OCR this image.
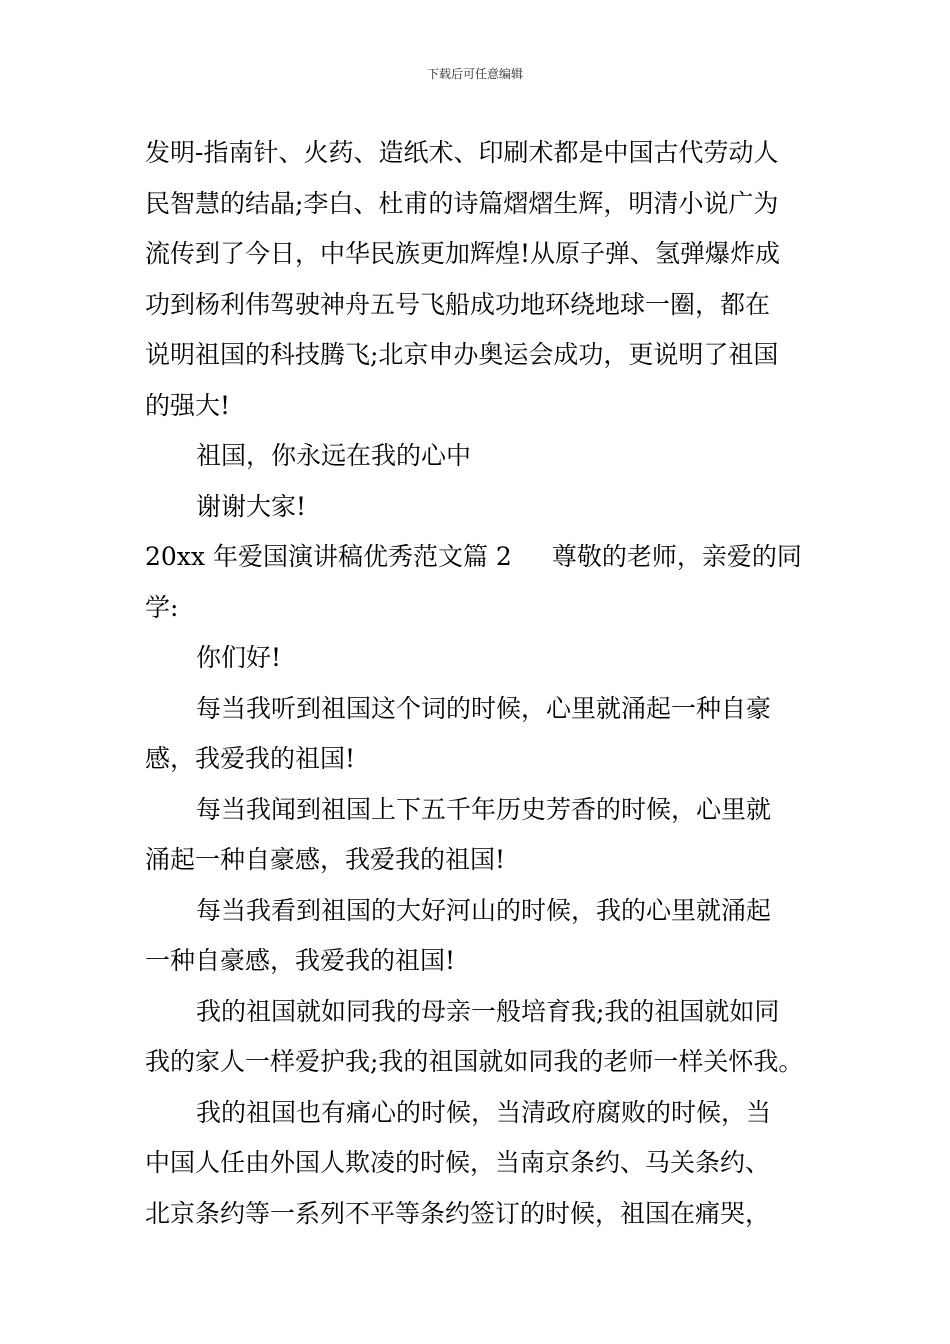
下载后可任意编辑
发明-指南针、火药、造纸术、印刷术都是中国古代劳动人
民智慧的结晶;李白、杜甫的诗篇熠熠生辉，明清小说广为
流传到了今日，中华民族更加辉煌!从原子弹、氢弹爆炸成
功到杨利伟驾驶神舟五号飞船成功地环绕地球一圈，都在
说明祖国的科技腾飞;北京申办奥运会成功，更说明了祖国
的强大!
祖国，你永远在我的心中
谢谢大家!
20xx 年爱国演讲稿优秀范文篇 2 尊敬的老师，亲爱的同
学:
你们好!
每当我听到祖国这个词的时候，心里就涌起一种自豪
感，我爱我的祖国!
每当我闻到祖国上下五千年历史芳香的时候，心里就
涌起一种自豪感，我爱我的祖国!
每当我看到祖国的大好河山的时候，我的心里就涌起
一种自豪感，我爱我的祖国!
我的祖国就如同我的母亲一般培育我;我的祖国就如同
我的家人一样爱护我;我的祖国就如同我的老师一样关怀我。
我的祖国也有痛心的时候，当清政府腐败的时候，当
中国人任由外国人欺凌的时候，当南京条约、马关条约、
北京条约等一系列不平等条约签订的时候，祖国在痛哭，
